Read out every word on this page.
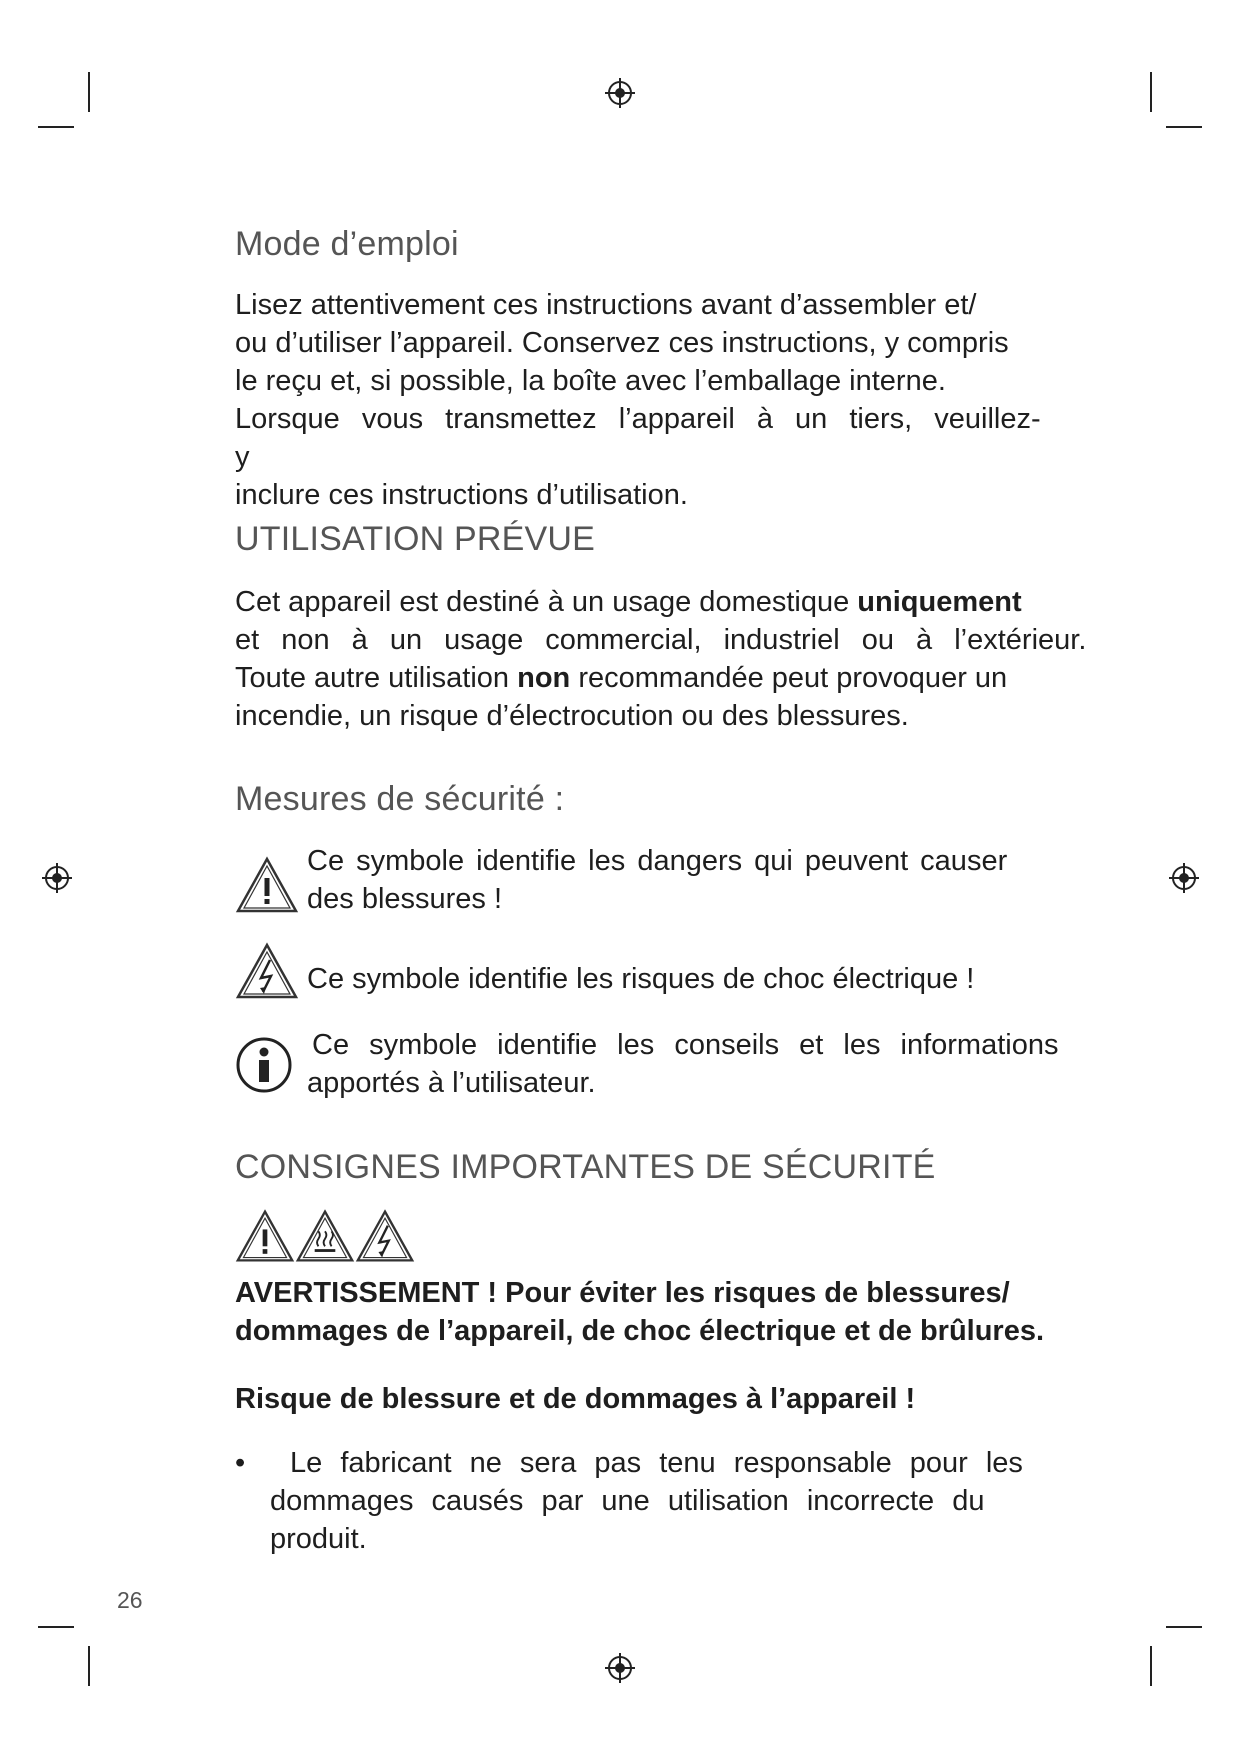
Mode d’emploi
Lisez attentivement ces instructions avant d’assembler et/
ou d’utiliser l’appareil. Conservez ces instructions, y compris
le reçu et, si possible, la boîte avec l’emballage interne.
Lorsque vous transmettez l’appareil à un tiers, veuillez-y
inclure ces instructions d’utilisation.
UTILISATION PRÉVUE
Cet appareil est destiné à un usage domestique uniquement
et non à un usage commercial, industriel ou à l’extérieur.
Toute autre utilisation non recommandée peut provoquer un
incendie, un risque d’électrocution ou des blessures.
Mesures de sécurité :
Ce symbole identifie les dangers qui peuvent causer
des blessures !
Ce symbole identifie les risques de choc électrique !
Ce symbole identifie les conseils et les informations
apportés à l’utilisateur.
CONSIGNES IMPORTANTES DE SÉCURITÉ
AVERTISSEMENT ! Pour éviter les risques de blessures/
dommages de l’appareil, de choc électrique et de brûlures.
Risque de blessure et de dommages à l’appareil !
•	Le fabricant ne sera pas tenu responsable pour les
dommages causés par une utilisation incorrecte du
produit.
26
